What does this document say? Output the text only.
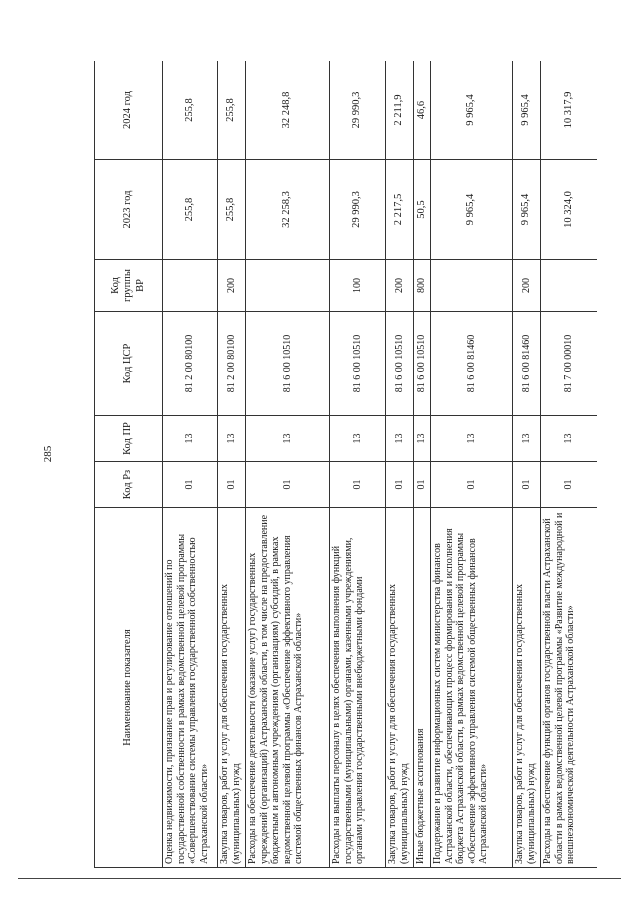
285
Наименование показателя	Код Рз	Код ПР	Код ЦСР	Код группы ВР	2023 год	2024 год
Оценка недвижимости, признание прав и регулирование отношений по государственной собственности в рамках ведомственной целевой программы «Совершенствование системы управления государственной собственностью Астраханской области»	01	13	81 2 00 80100		255,8	255,8
Закупка товаров, работ и услуг для обеспечения государственных (муниципальных) нужд	01	13	81 2 00 80100	200	255,8	255,8
Расходы на обеспечение деятельности (оказание услуг) государственных учреждений (организаций) Астраханской области, в том числе на предоставление бюджетным и автономным учреждениям (организациям) субсидий, в рамках ведомственной целевой программы «Обеспечение эффективного управления системой общественных финансов Астраханской области»	01	13	81 6 00 10510		32 258,3	32 248,8
Расходы на выплаты персоналу в целях обеспечения выполнения функций государственными (муниципальными) органами, казенными учреждениями, органами управления государственными внебюджетными фондами	01	13	81 6 00 10510	100	29 990,3	29 990,3
Закупка товаров, работ и услуг для обеспечения государственных (муниципальных) нужд	01	13	81 6 00 10510	200	2 217,5	2 211,9
Иные бюджетные ассигнования	01	13	81 6 00 10510	800	50,5	46,6
Поддержание и развитие информационных систем министерства финансов Астраханской области, обеспечивающих процесс формирования и исполнения бюджета Астраханской области, в рамках ведомственной целевой программы «Обеспечение эффективного управления системой общественных финансов Астраханской области»	01	13	81 6 00 81460		9 965,4	9 965,4
Закупка товаров, работ и услуг для обеспечения государственных (муниципальных) нужд	01	13	81 6 00 81460	200	9 965,4	9 965,4
Расходы на обеспечение функций органов государственной власти Астраханской области в рамках ведомственной целевой программы «Развитие международной и внешнеэкономической деятельности Астраханской области»	01	13	81 7 00 00010		10 324,0	10 317,9
